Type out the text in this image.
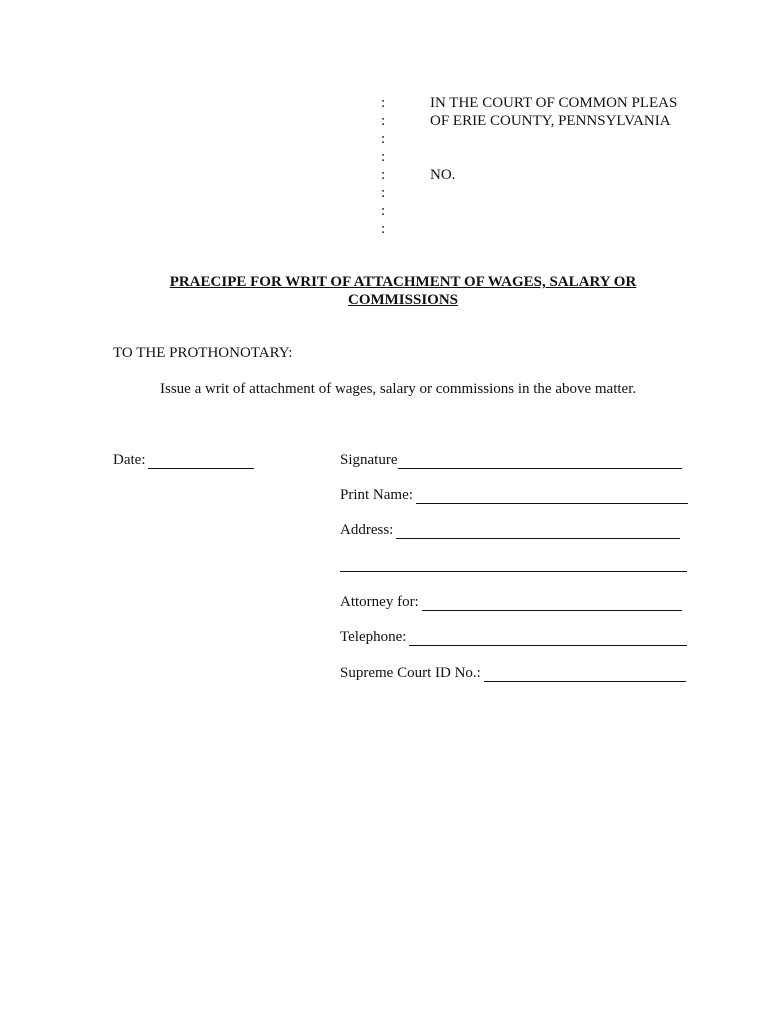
:
:
:
:
:
:
:
:
IN THE COURT OF COMMON PLEAS
OF ERIE COUNTY, PENNSYLVANIA
NO.
PRAECIPE FOR WRIT OF ATTACHMENT OF WAGES, SALARY OR
COMMISSIONS
TO THE PROTHONOTARY:
Issue a writ of attachment of wages, salary or commissions in the above matter.
Date:	Signature
Print Name:
Address:
Attorney for:
Telephone:
Supreme Court ID No.:
